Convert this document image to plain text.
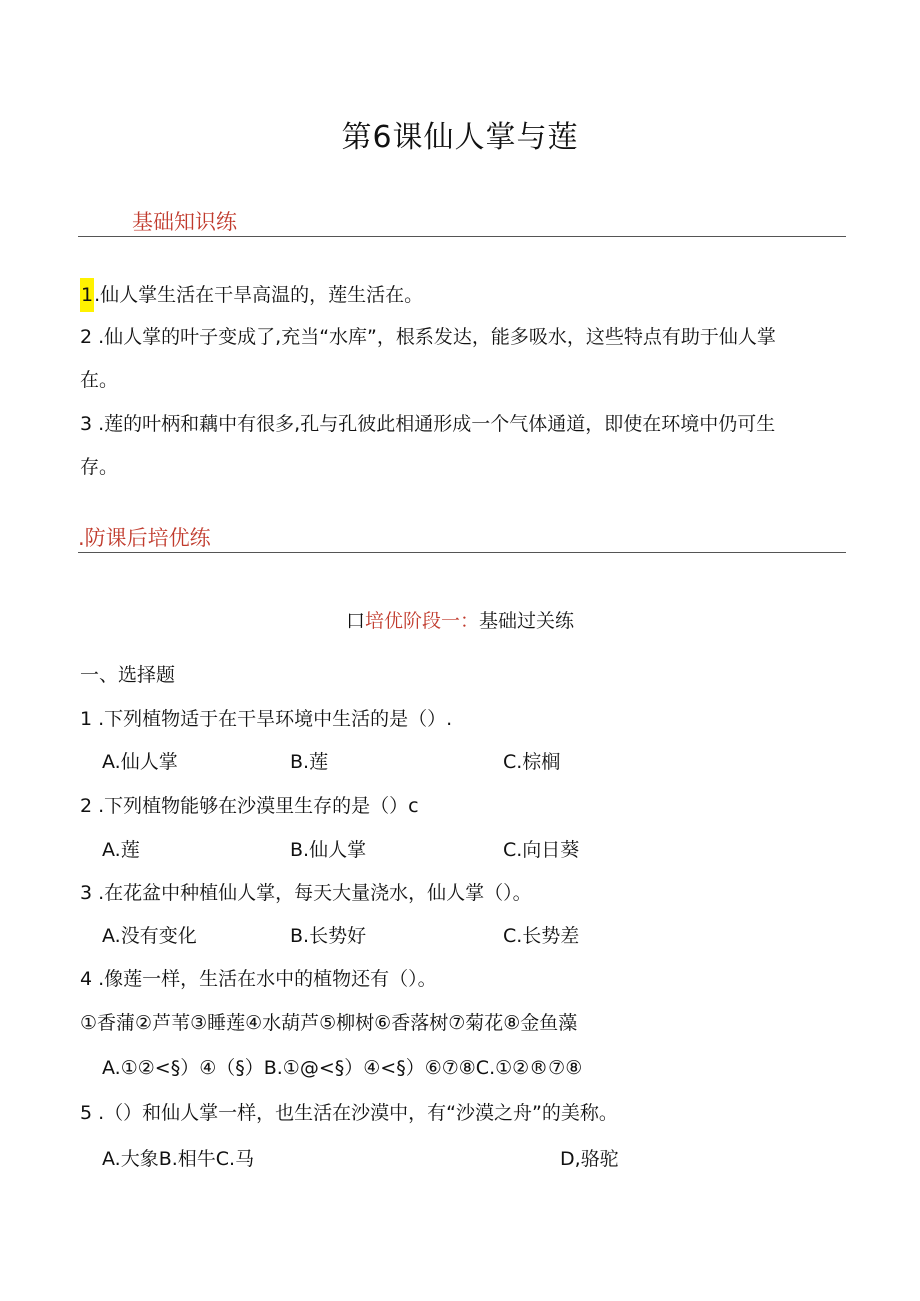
第6课仙人掌与莲
基础知识练
1.仙人掌生活在干旱高温的，莲生活在。
2 .仙人掌的叶子变成了,充当“水库”，根系发达，能多吸水，这些特点有助于仙人掌
在。
3 .莲的叶柄和藕中有很多,孔与孔彼此相通形成一个气体通道，即使在环境中仍可生
存。
.防课后培优练
口培优阶段一：基础过关练
一、选择题
1 .下列植物适于在干旱环境中生活的是（）.
A.仙人掌	B.莲	C.棕榈
2 .下列植物能够在沙漠里生存的是（）c
A.莲	B.仙人掌	C.向日葵
3 .在花盆中种植仙人掌，每天大量浇水，仙人掌（）。
A.没有变化	B.长势好	C.长势差
4 .像莲一样，生活在水中的植物还有（）。
①香蒲②芦苇③睡莲④水葫芦⑤柳树⑥香落树⑦菊花⑧金鱼藻
A.①②<§）④（§）B.①@<§）④<§）⑥⑦⑧C.①②®⑦⑧
5 .（）和仙人掌一样，也生活在沙漠中，有“沙漠之舟”的美称。
A.大象B.相牛C.马	D,骆驼
